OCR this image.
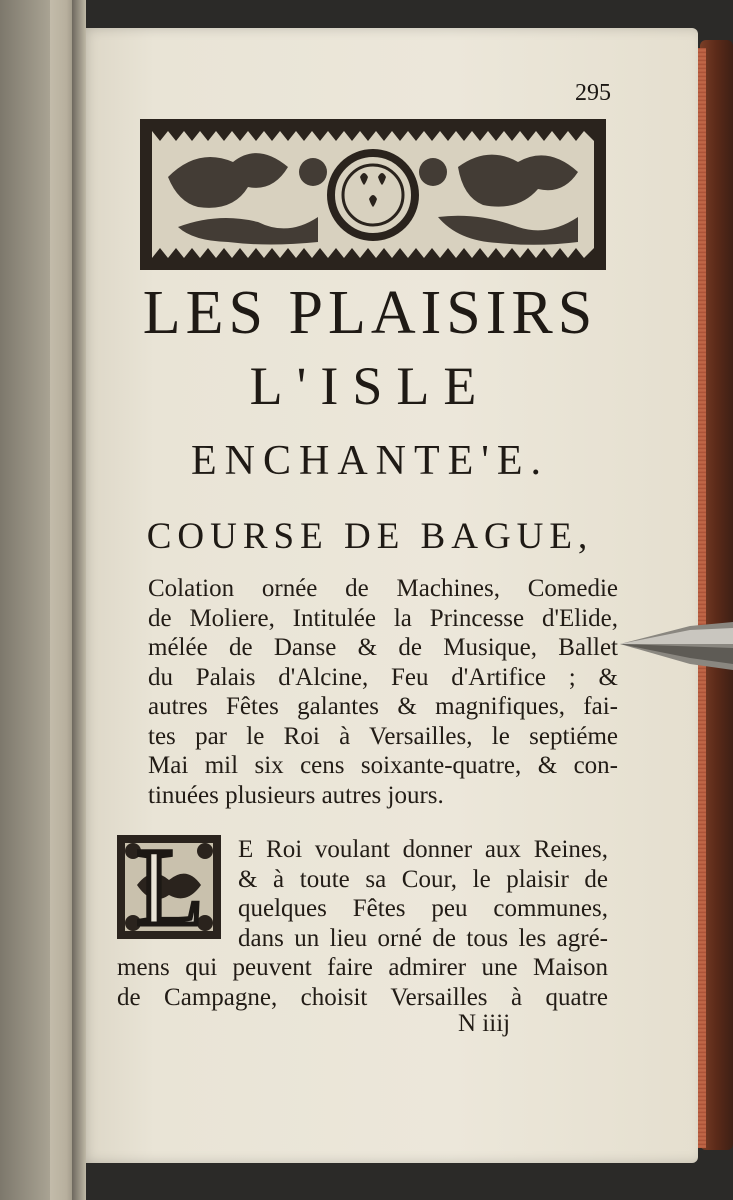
295
LES PLAISIRS
L'ISLE
ENCHANTE'E.
COURSE DE BAGUE,
Colation ornée de Machines, Comedie
de Moliere, Intitulée la Princesse d'Elide,
mélée de Danse & de Musique, Ballet
du Palais d'Alcine, Feu d'Artifice ; &
autres Fêtes galantes & magnifiques, fai-
tes par le Roi à Versailles, le septiéme
Mai mil six cens soixante-quatre, & con-
tinuées plusieurs autres jours.
L E Roi voulant donner aux Reines,
& à toute sa Cour, le plaisir de
quelques Fêtes peu communes,
dans un lieu orné de tous les agré-
mens qui peuvent faire admirer une Maison
de Campagne, choisit Versailles à quatre
N iiij
